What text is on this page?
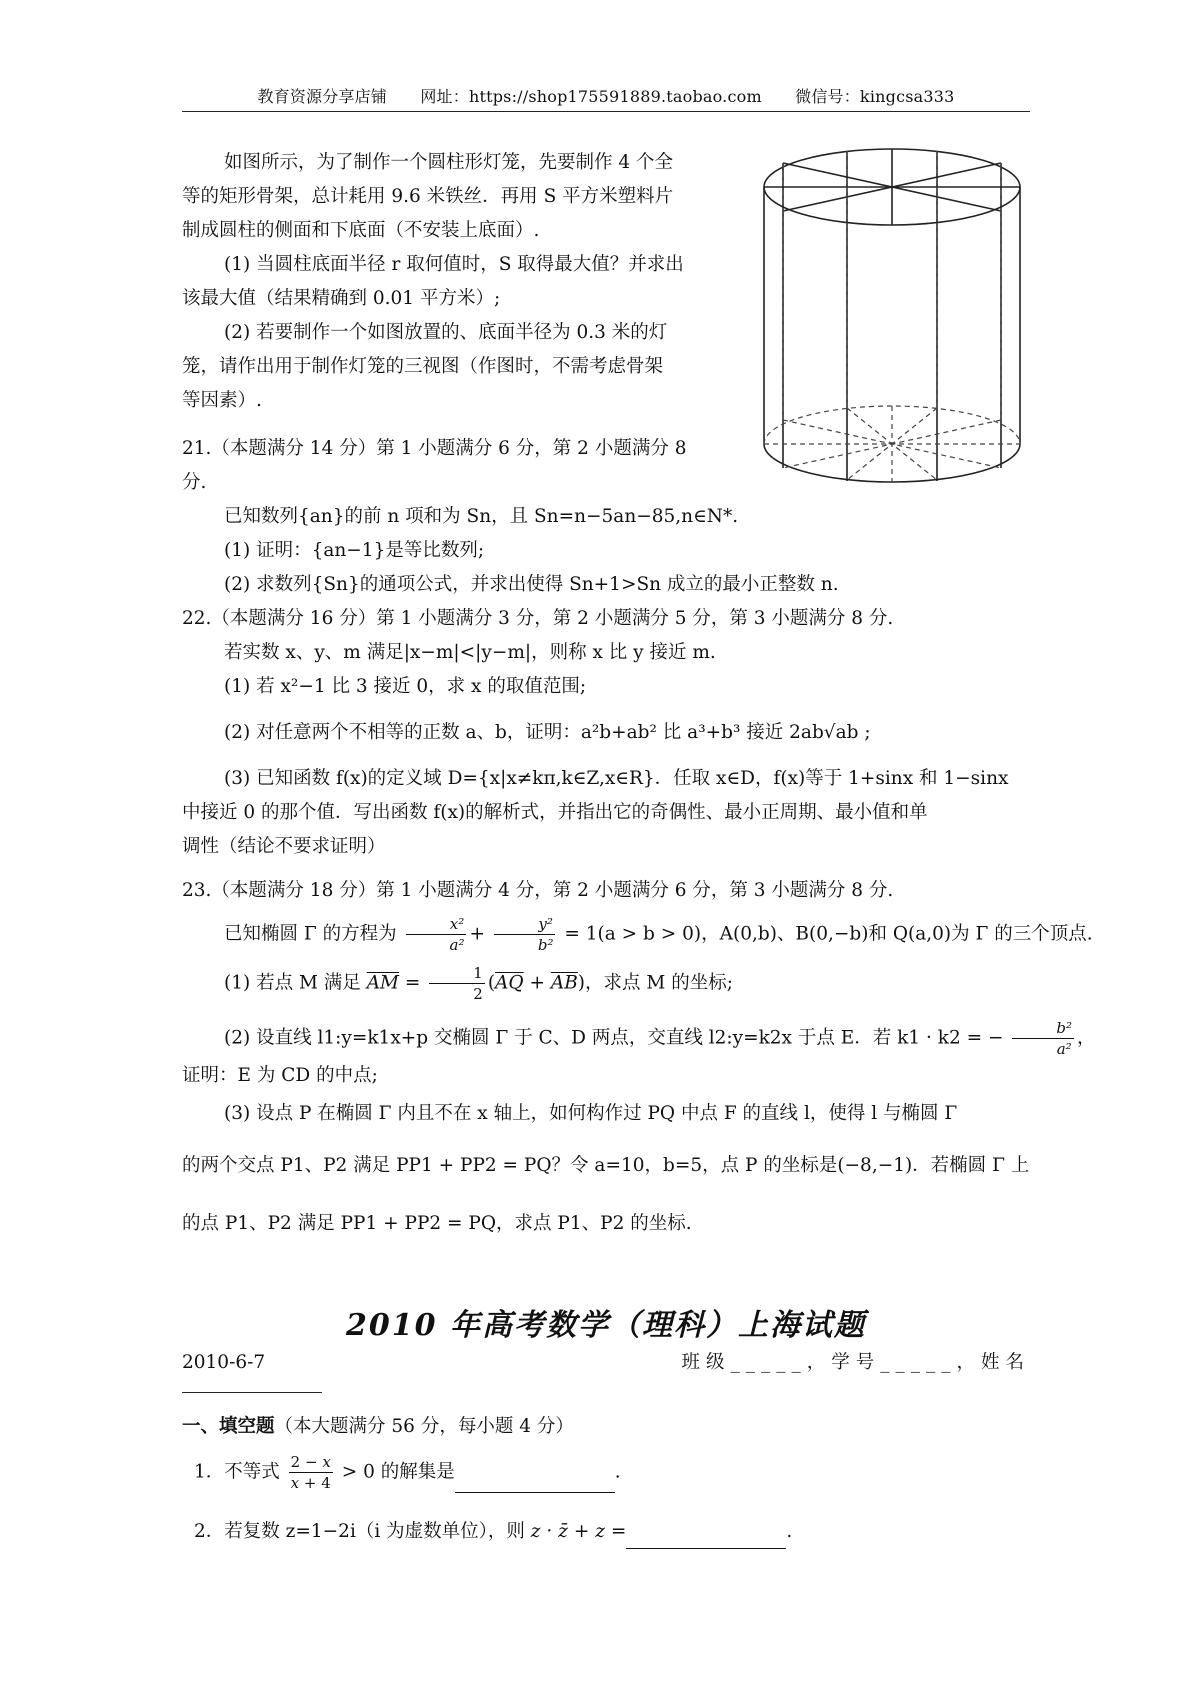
教育资源分享店铺 网址：https://shop175591889.taobao.com 微信号：kingcsa333
如图所示，为了制作一个圆柱形灯笼，先要制作 4 个全
等的矩形骨架，总计耗用 9.6 米铁丝．再用 S 平方米塑料片
制成圆柱的侧面和下底面（不安装上底面）.
(1) 当圆柱底面半径 r 取何值时，S 取得最大值？并求出
该最大值（结果精确到 0.01 平方米）;
(2) 若要制作一个如图放置的、底面半径为 0.3 米的灯
笼，请作出用于制作灯笼的三视图（作图时，不需考虑骨架
等因素）.
21.（本题满分 14 分）第 1 小题满分 6 分，第 2 小题满分 8
分.
已知数列{an}的前 n 项和为 Sn，且 Sn=n−5an−85,n∈N*.
(1) 证明：{an−1}是等比数列;
(2) 求数列{Sn}的通项公式，并求出使得 Sn+1>Sn 成立的最小正整数 n.
22.（本题满分 16 分）第 1 小题满分 3 分，第 2 小题满分 5 分，第 3 小题满分 8 分.
若实数 x、y、m 满足|x−m|<|y−m|，则称 x 比 y 接近 m.
(1) 若 x²−1 比 3 接近 0，求 x 的取值范围;
(2) 对任意两个不相等的正数 a、b，证明：a²b+ab² 比 a³+b³ 接近 2ab√ab ;
(3) 已知函数 f(x)的定义域 D={x|x≠kπ,k∈Z,x∈R}．任取 x∈D，f(x)等于 1+sinx 和 1−sinx
中接近 0 的那个值．写出函数 f(x)的解析式，并指出它的奇偶性、最小正周期、最小值和单
调性（结论不要求证明）
23.（本题满分 18 分）第 1 小题满分 4 分，第 2 小题满分 6 分，第 3 小题满分 8 分.
已知椭圆 Γ 的方程为 $\frac{\text{x²}}{\text{a²}} + \frac{\text{y²}}{\text{b²}} = 1(a > b > 0)$，A(0,b)、B(0,−b)和 Q(a,0)为 Γ 的三个顶点.
(1) 若点 M 满足 $\overline{AM} = \frac{1}{2} (\overline{AQ} + \overline{AB})$，求点 M 的坐标;
(2) 设直线 l1:y=k1x+p 交椭圆 Γ 于 C、D 两点，交直线 l2:y=k2x 于点 E．若 k1 · k2 = − $\frac{\text{b²}}{\text{a²}}$ ，
证明：E 为 CD 的中点;
(3) 设点 P 在椭圆 Γ 内且不在 x 轴上，如何构作过 PQ 中点 F 的直线 l，使得 l 与椭圆 Γ
的两个交点 P1、P2 满足 PP1 + PP2 = PQ？令 a=10，b=5，点 P 的坐标是(−8,−1)．若椭圆 Γ 上
的点 P1、P2 满足 PP1 + PP2 = PQ，求点 P1、P2 的坐标.
2010 年高考数学（理科）上海试题
2010-6-7	班级_____，学号_____，姓名
一、填空题（本大题满分 56 分，每小题 4 分）
1．不等式 $\frac{2 - x}{x + 4} > 0$ 的解集是	.
2．若复数 z=1−2i（i 为虚数单位），则 z · z̄ + z =	.
